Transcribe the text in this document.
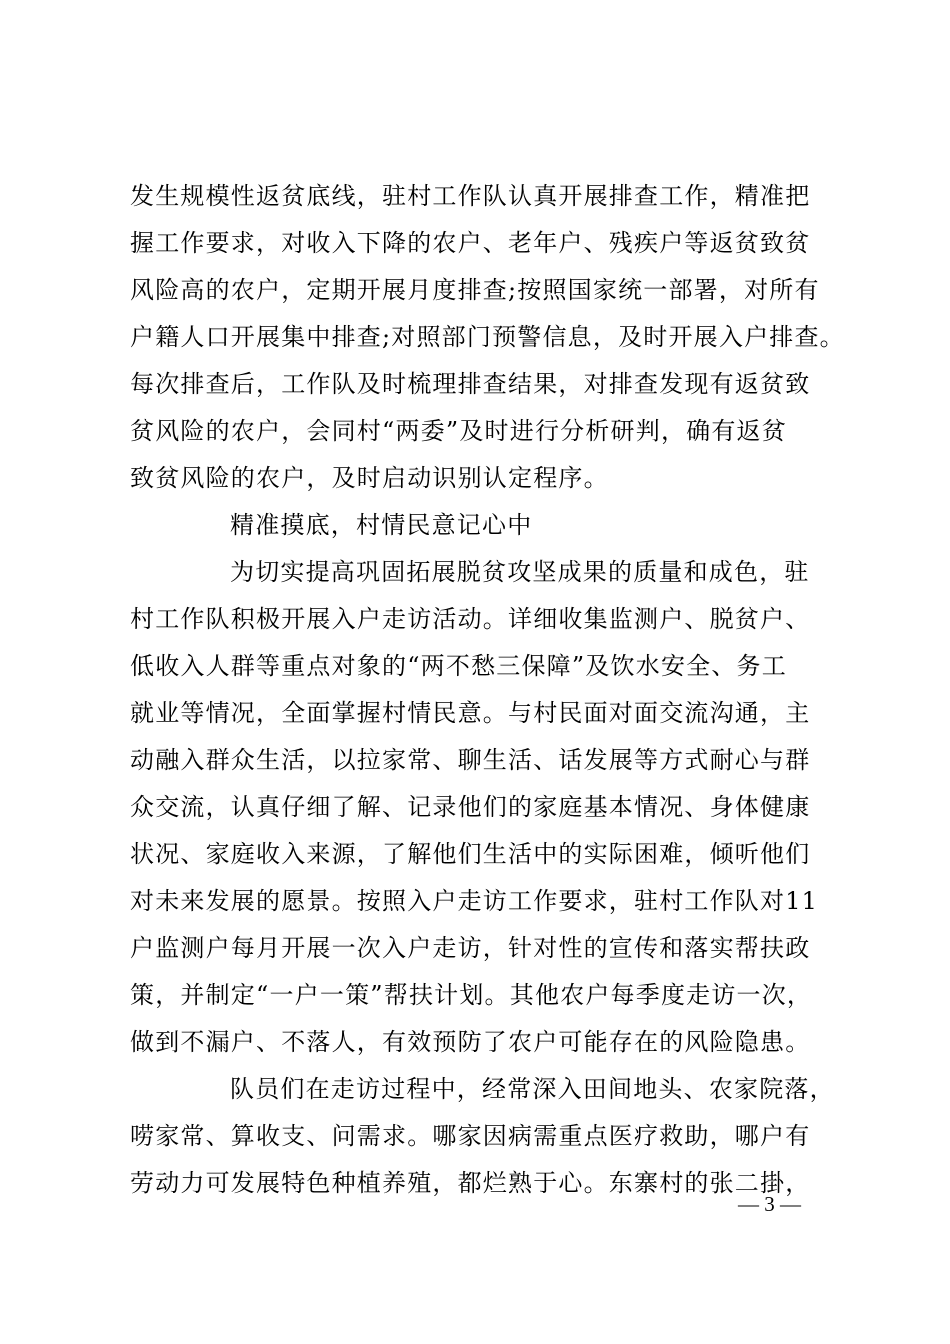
发生规模性返贫底线，驻村工作队认真开展排查工作，精准把
握工作要求，对收入下降的农户、老年户、残疾户等返贫致贫
风险高的农户，定期开展月度排查;按照国家统一部署，对所有
户籍人口开展集中排查;对照部门预警信息，及时开展入户排查。
每次排查后，工作队及时梳理排查结果，对排查发现有返贫致
贫风险的农户，会同村“两委”及时进行分析研判，确有返贫
致贫风险的农户，及时启动识别认定程序。
精准摸底，村情民意记心中
为切实提高巩固拓展脱贫攻坚成果的质量和成色，驻
村工作队积极开展入户走访活动。详细收集监测户、脱贫户、
低收入人群等重点对象的“两不愁三保障”及饮水安全、务工
就业等情况，全面掌握村情民意。与村民面对面交流沟通，主
动融入群众生活，以拉家常、聊生活、话发展等方式耐心与群
众交流，认真仔细了解、记录他们的家庭基本情况、身体健康
状况、家庭收入来源，了解他们生活中的实际困难，倾听他们
对未来发展的愿景。按照入户走访工作要求，驻村工作队对11
户监测户每月开展一次入户走访，针对性的宣传和落实帮扶政
策，并制定“一户一策”帮扶计划。其他农户每季度走访一次，
做到不漏户、不落人，有效预防了农户可能存在的风险隐患。
队员们在走访过程中，经常深入田间地头、农家院落，
唠家常、算收支、问需求。哪家因病需重点医疗救助，哪户有
劳动力可发展特色种植养殖，都烂熟于心。东寨村的张二掛，
— 3 —
